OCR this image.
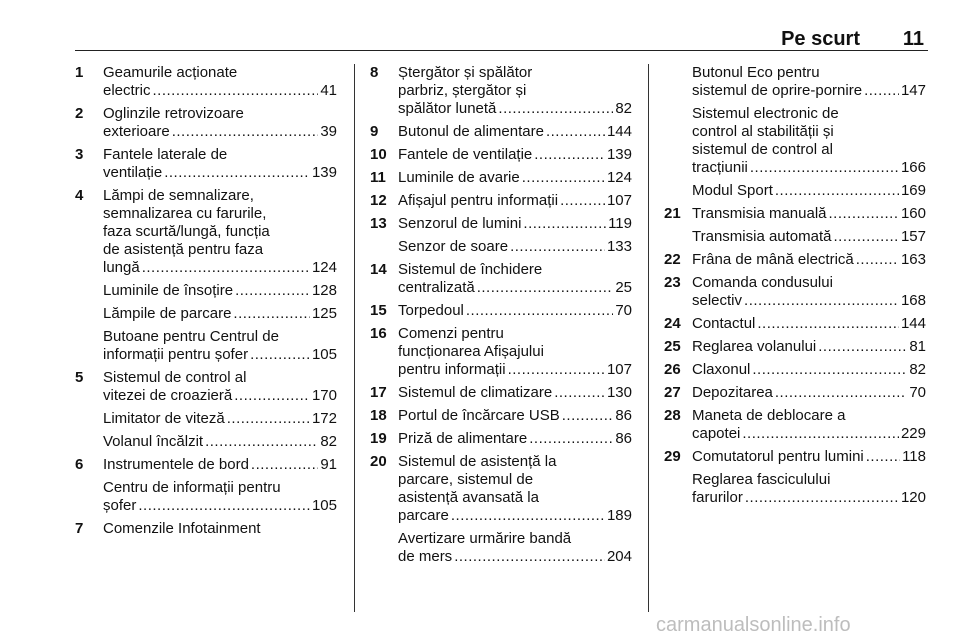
Pe scurt 11
1	Geamurile acționate
electric .....	41
2	Oglinzile retrovizoare
exterioare .....	39
3	Fantele laterale de
ventilație .....	139
4	Lămpi de semnalizare,
semnalizarea cu farurile,
faza scurtă/lungă, funcția
de asistență pentru faza
lungă .....	124
Luminile de însoțire .....	128
Lămpile de parcare .....	125
Butoane pentru Centrul de
informații pentru șofer .....	105
5	Sistemul de control al
vitezei de croazieră .....	170
Limitator de viteză .....	172
Volanul încălzit .....	82
6	Instrumentele de bord .....	91
Centru de informații pentru
șofer .....	105
7	Comenzile Infotainment
8	Ștergător și spălător
parbriz, ștergător și
spălător lunetă .....	82
9	Butonul de alimentare .....	144
10 Fantele de ventilație .....	139
11 Luminile de avarie .....	124
12 Afișajul pentru informații .....	107
13 Senzorul de lumini .....	119
Senzor de soare .....	133
14 Sistemul de închidere
centralizată .....	25
15 Torpedoul .....	70
16 Comenzi pentru
funcționarea Afișajului
pentru informații .....	107
17 Sistemul de climatizare .....	130
18 Portul de încărcare USB .....	86
19 Priză de alimentare .....	86
20 Sistemul de asistență la
parcare, sistemul de
asistență avansată la
parcare .....	189
Avertizare urmărire bandă
de mers .....	204
Butonul Eco pentru
sistemul de oprire-pornire .....	147
Sistemul electronic de
control al stabilității și
sistemul de control al
tracțiunii .....	166
Modul Sport .....	169
21 Transmisia manuală .....	160
Transmisia automată .....	157
22 Frâna de mână electrică .....	163
23 Comanda condusului
selectiv .....	168
24 Contactul .....	144
25 Reglarea volanului .....	81
26 Claxonul .....	82
27 Depozitarea .....	70
28 Maneta de deblocare a
capotei .....	229
29 Comutatorul pentru lumini .....	118
Reglarea fasciculului
farurilor .....	120
carmanualsonline.info
